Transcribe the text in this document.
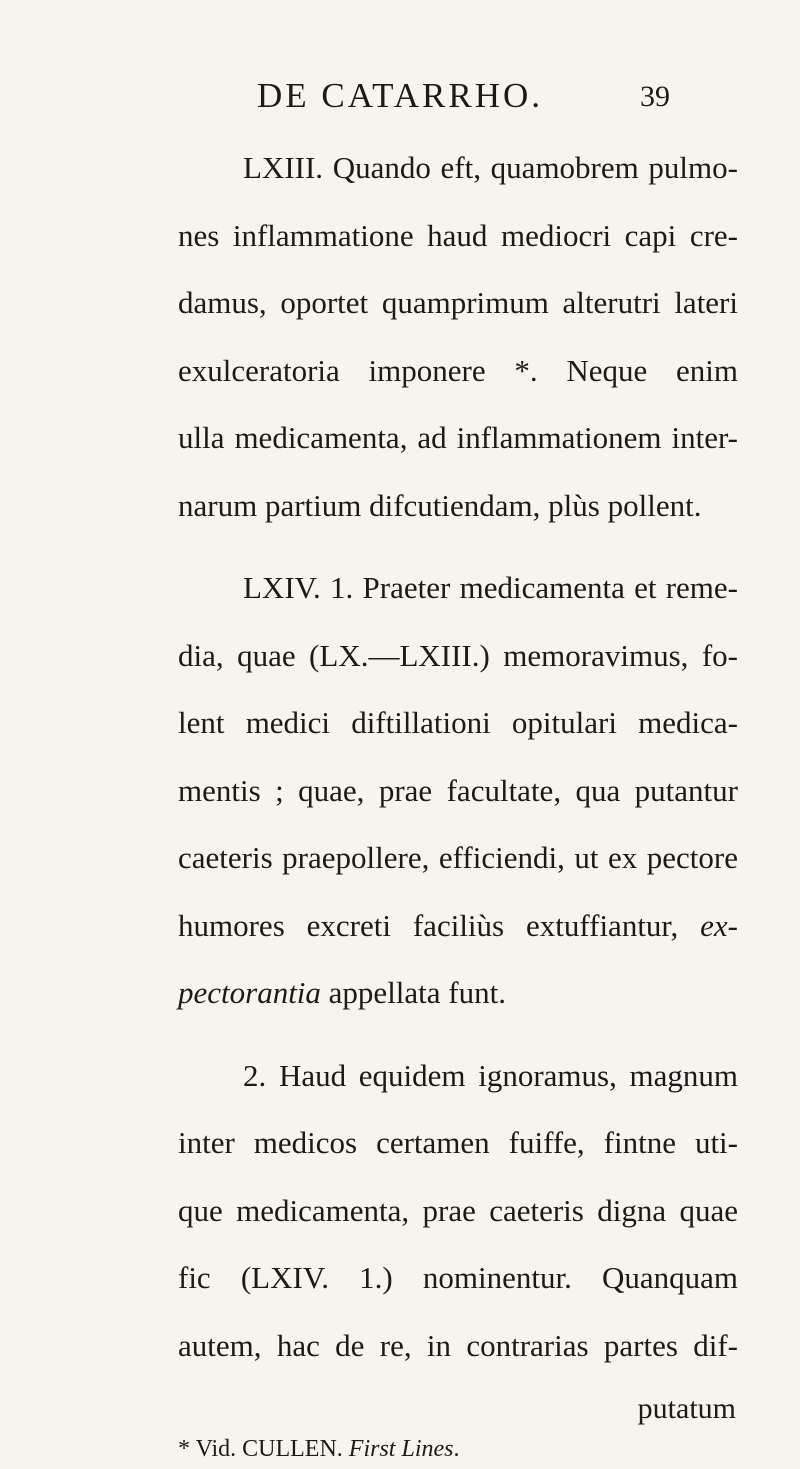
DE CATARRHO.	39
LXIII. Quando eft, quamobrem pulmo-
nes inflammatione haud mediocri capi cre-
damus, oportet quamprimum alterutri lateri
exulceratoria imponere *. Neque enim
ulla medicamenta, ad inflammationem inter-
narum partium difcutiendam, plùs pollent.
LXIV. 1. Praeter medicamenta et reme-
dia, quae (LX.—LXIII.) memoravimus, fo-
lent medici diftillationi opitulari medica-
mentis ; quae, prae facultate, qua putantur
caeteris praepollere, efficiendi, ut ex pectore
humores excreti faciliùs extuffiantur, ex-
pectorantia appellata funt.
2. Haud equidem ignoramus, magnum
inter medicos certamen fuiffe, fintne uti-
que medicamenta, prae caeteris digna quae
fic (LXIV. 1.) nominentur. Quanquam
autem, hac de re, in contrarias partes dif-
putatum
* Vid. CULLEN. First Lines.
